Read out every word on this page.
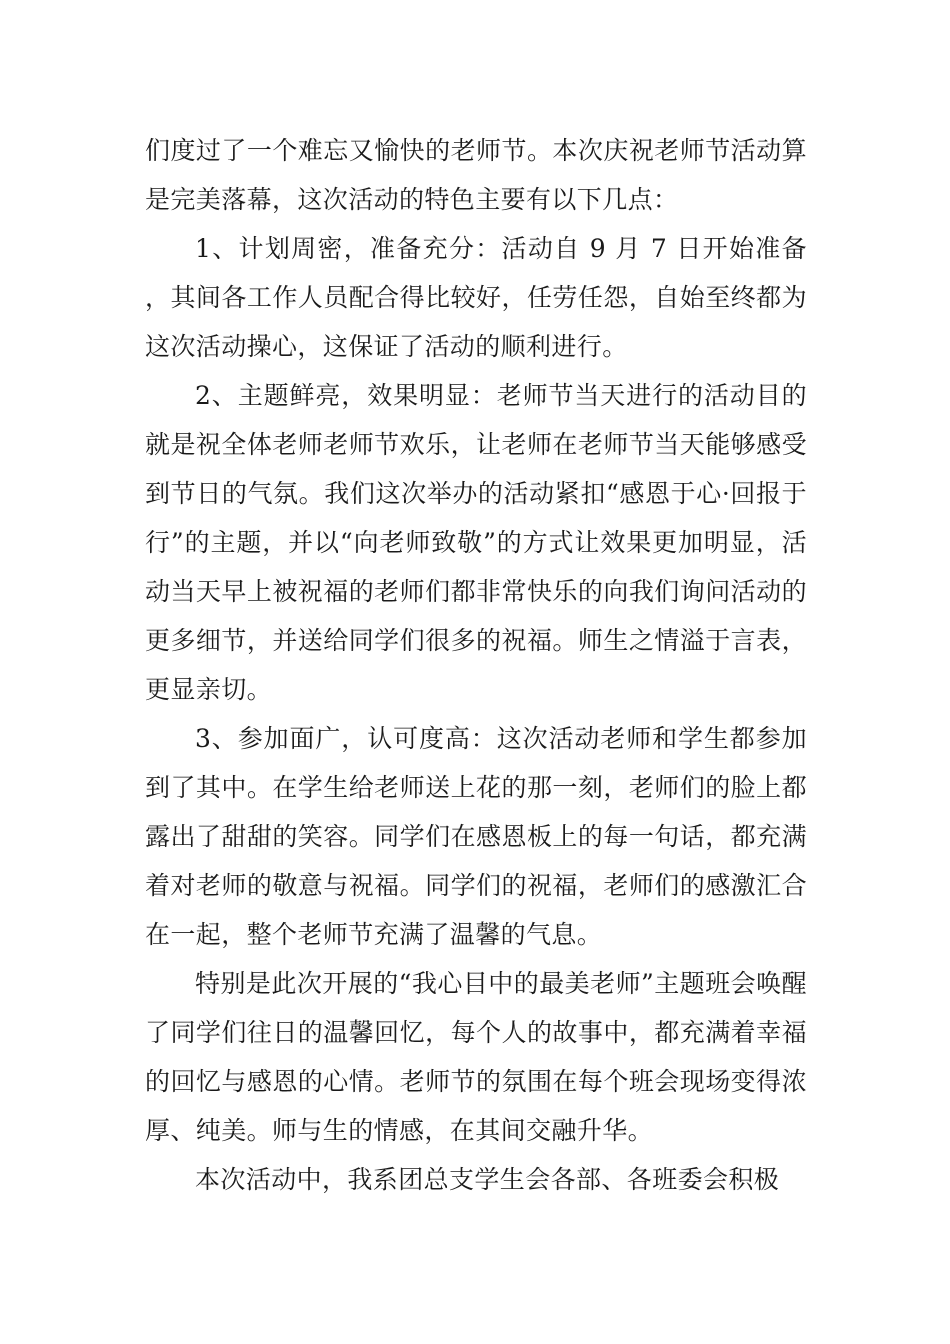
们度过了一个难忘又愉快的老师节。本次庆祝老师节活动算是完美落幕，这次活动的特色主要有以下几点：

1、计划周密，准备充分：活动自 9 月 7 日开始准备，其间各工作人员配合得比较好，任劳任怨，自始至终都为这次活动操心，这保证了活动的顺利进行。

2、主题鲜亮，效果明显：老师节当天进行的活动目的就是祝全体老师老师节欢乐，让老师在老师节当天能够感受到节日的气氛。我们这次举办的活动紧扣“感恩于心·回报于行”的主题，并以“向老师致敬”的方式让效果更加明显，活动当天早上被祝福的老师们都非常快乐的向我们询问活动的更多细节，并送给同学们很多的祝福。师生之情溢于言表，更显亲切。

3、参加面广，认可度高：这次活动老师和学生都参加到了其中。在学生给老师送上花的那一刻，老师们的脸上都露出了甜甜的笑容。同学们在感恩板上的每一句话，都充满着对老师的敬意与祝福。同学们的祝福，老师们的感激汇合在一起，整个老师节充满了温馨的气息。

特别是此次开展的“我心目中的最美老师”主题班会唤醒了同学们往日的温馨回忆，每个人的故事中，都充满着幸福的回忆与感恩的心情。老师节的氛围在每个班会现场变得浓厚、纯美。师与生的情感，在其间交融升华。

本次活动中，我系团总支学生会各部、各班委会积极
